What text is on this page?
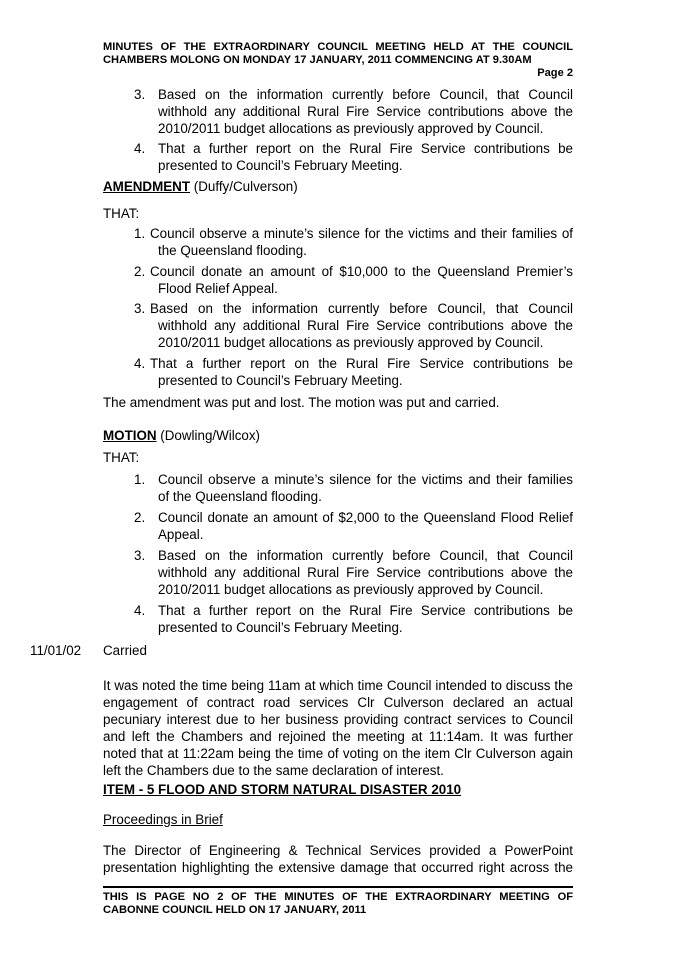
MINUTES OF THE EXTRAORDINARY COUNCIL MEETING HELD AT THE COUNCIL
CHAMBERS MOLONG ON MONDAY 17 JANUARY, 2011 COMMENCING AT 9.30AM
Page 2
3. Based on the information currently before Council, that Council
withhold any additional Rural Fire Service contributions above the
2010/2011 budget allocations as previously approved by Council.
4. That a further report on the Rural Fire Service contributions be
presented to Council’s February Meeting.
AMENDMENT (Duffy/Culverson)
THAT:
1. Council observe a minute’s silence for the victims and their families of
the Queensland flooding.
2. Council donate an amount of $10,000 to the Queensland Premier’s
Flood Relief Appeal.
3. Based on the information currently before Council, that Council
withhold any additional Rural Fire Service contributions above the
2010/2011 budget allocations as previously approved by Council.
4. That a further report on the Rural Fire Service contributions be
presented to Council’s February Meeting.
The amendment was put and lost. The motion was put and carried.
MOTION (Dowling/Wilcox)
THAT:
1. Council observe a minute’s silence for the victims and their families
of the Queensland flooding.
2. Council donate an amount of $2,000 to the Queensland Flood Relief
Appeal.
3. Based on the information currently before Council, that Council
withhold any additional Rural Fire Service contributions above the
2010/2011 budget allocations as previously approved by Council.
4. That a further report on the Rural Fire Service contributions be
presented to Council’s February Meeting.
11/01/02 Carried
It was noted the time being 11am at which time Council intended to discuss the engagement of contract road services Clr Culverson declared an actual pecuniary interest due to her business providing contract services to Council and left the Chambers and rejoined the meeting at 11:14am. It was further noted that at 11:22am being the time of voting on the item Clr Culverson again left the Chambers due to the same declaration of interest.
ITEM - 5 FLOOD AND STORM NATURAL DISASTER 2010
Proceedings in Brief
The Director of Engineering & Technical Services provided a PowerPoint presentation highlighting the extensive damage that occurred right across the
THIS IS PAGE NO 2 OF THE MINUTES OF THE EXTRAORDINARY MEETING OF
CABONNE COUNCIL HELD ON 17 JANUARY, 2011
